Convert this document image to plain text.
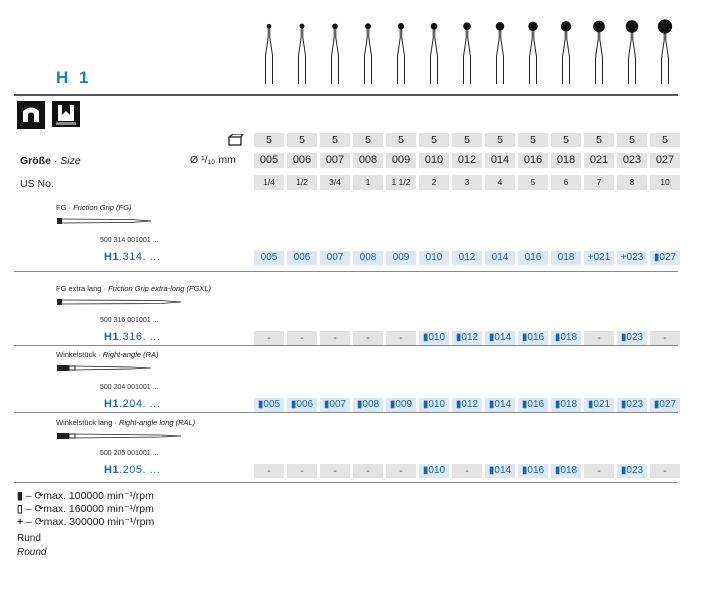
H 1
5	5	5	5	5	5	5	5	5	5	5	5	5
Größe · Size	Ø ¹/₁₀ mm	005	006	007	008	009	010	012	014	016	018	021	023	027
US No.	1/4	1/2	3/4	1	1 1/2	2	3	4	5	6	7	8	10
FG · Friction Grip (FG)
500 314 001001 ...
H1.314. ...	005	006	007	008	009	010	012	014	016	018	+021	+023	▮027
FG extra lang · Friction Grip extra-long (FGXL)
500 316 001001 ...
H1.316. ...	-	-	-	-	-	▮010	▮012	▮014	▮016	▮018	-	▮023	-
Winkelstück · Right-angle (RA)
500 204 001001 ...
H1.204. ...	▮005	▮006	▮007	▮008	▮009	▮010	▮012	▮014	▮016	▮018	▮021	▮023	▮027
Winkelstück lang · Right-angle long (RAL)
500 205 001001 ...
H1.205. ...	-	-	-	-	-	▮010	-	▮014	▮016	▮018	-	▮023	-
▮ – ⟳max. 100000 min⁻¹/rpm
▯ – ⟳max. 160000 min⁻¹/rpm
+ – ⟳max. 300000 min⁻¹/rpm
Rund
Round
